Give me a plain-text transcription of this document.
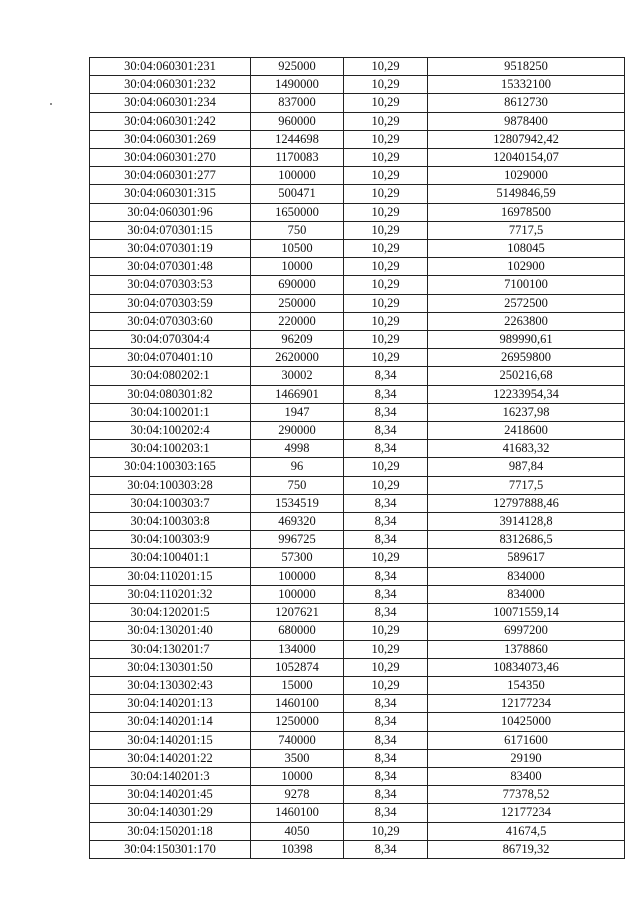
30:04:060301:231	925000	10,29	9518250
30:04:060301:232	1490000	10,29	15332100
30:04:060301:234	837000	10,29	8612730
30:04:060301:242	960000	10,29	9878400
30:04:060301:269	1244698	10,29	12807942,42
30:04:060301:270	1170083	10,29	12040154,07
30:04:060301:277	100000	10,29	1029000
30:04:060301:315	500471	10,29	5149846,59
30:04:060301:96	1650000	10,29	16978500
30:04:070301:15	750	10,29	7717,5
30:04:070301:19	10500	10,29	108045
30:04:070301:48	10000	10,29	102900
30:04:070303:53	690000	10,29	7100100
30:04:070303:59	250000	10,29	2572500
30:04:070303:60	220000	10,29	2263800
30:04:070304:4	96209	10,29	989990,61
30:04:070401:10	2620000	10,29	26959800
30:04:080202:1	30002	8,34	250216,68
30:04:080301:82	1466901	8,34	12233954,34
30:04:100201:1	1947	8,34	16237,98
30:04:100202:4	290000	8,34	2418600
30:04:100203:1	4998	8,34	41683,32
30:04:100303:165	96	10,29	987,84
30:04:100303:28	750	10,29	7717,5
30:04:100303:7	1534519	8,34	12797888,46
30:04:100303:8	469320	8,34	3914128,8
30:04:100303:9	996725	8,34	8312686,5
30:04:100401:1	57300	10,29	589617
30:04:110201:15	100000	8,34	834000
30:04:110201:32	100000	8,34	834000
30:04:120201:5	1207621	8,34	10071559,14
30:04:130201:40	680000	10,29	6997200
30:04:130201:7	134000	10,29	1378860
30:04:130301:50	1052874	10,29	10834073,46
30:04:130302:43	15000	10,29	154350
30:04:140201:13	1460100	8,34	12177234
30:04:140201:14	1250000	8,34	10425000
30:04:140201:15	740000	8,34	6171600
30:04:140201:22	3500	8,34	29190
30:04:140201:3	10000	8,34	83400
30:04:140201:45	9278	8,34	77378,52
30:04:140301:29	1460100	8,34	12177234
30:04:150201:18	4050	10,29	41674,5
30:04:150301:170	10398	8,34	86719,32
